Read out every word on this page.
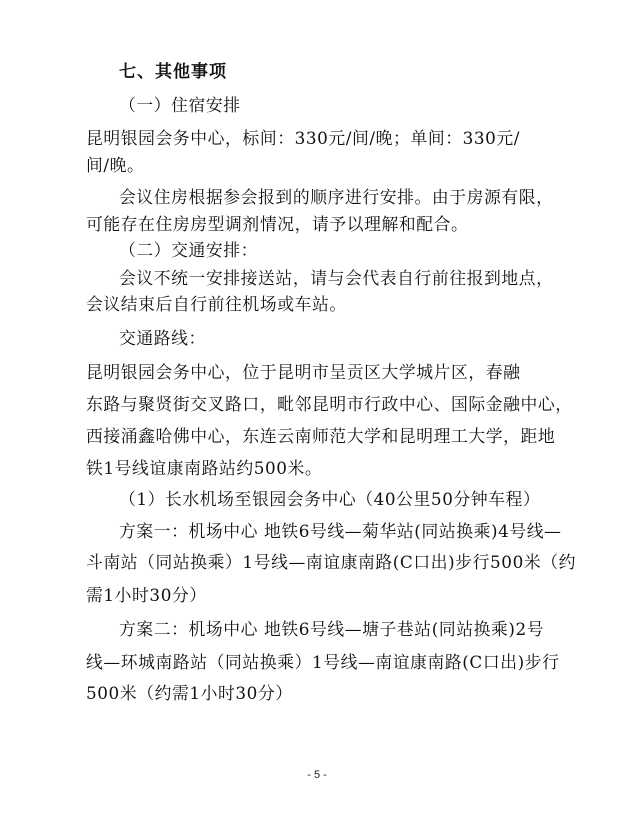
七、其他事项
（一）住宿安排
昆明银园会务中心，标间：330元/间/晚；单间：330元/
间/晚。
会议住房根据参会报到的顺序进行安排。由于房源有限，
可能存在住房房型调剂情况，请予以理解和配合。
（二）交通安排：
会议不统一安排接送站，请与会代表自行前往报到地点，
会议结束后自行前往机场或车站。
交通路线：
昆明银园会务中心，位于昆明市呈贡区大学城片区，春融
东路与聚贤街交叉路口，毗邻昆明市行政中心、国际金融中心，
西接涌鑫哈佛中心，东连云南师范大学和昆明理工大学，距地
铁1号线谊康南路站约500米。
（1）长水机场至银园会务中心（40公里50分钟车程）
方案一：机场中心 地铁6号线—菊华站(同站换乘)4号线—
斗南站（同站换乘）1号线—南谊康南路(C口出)步行500米（约
需1小时30分）
方案二：机场中心 地铁6号线—塘子巷站(同站换乘)2号
线—环城南路站（同站换乘）1号线—南谊康南路(C口出)步行
500米（约需1小时30分）
- 5 -
